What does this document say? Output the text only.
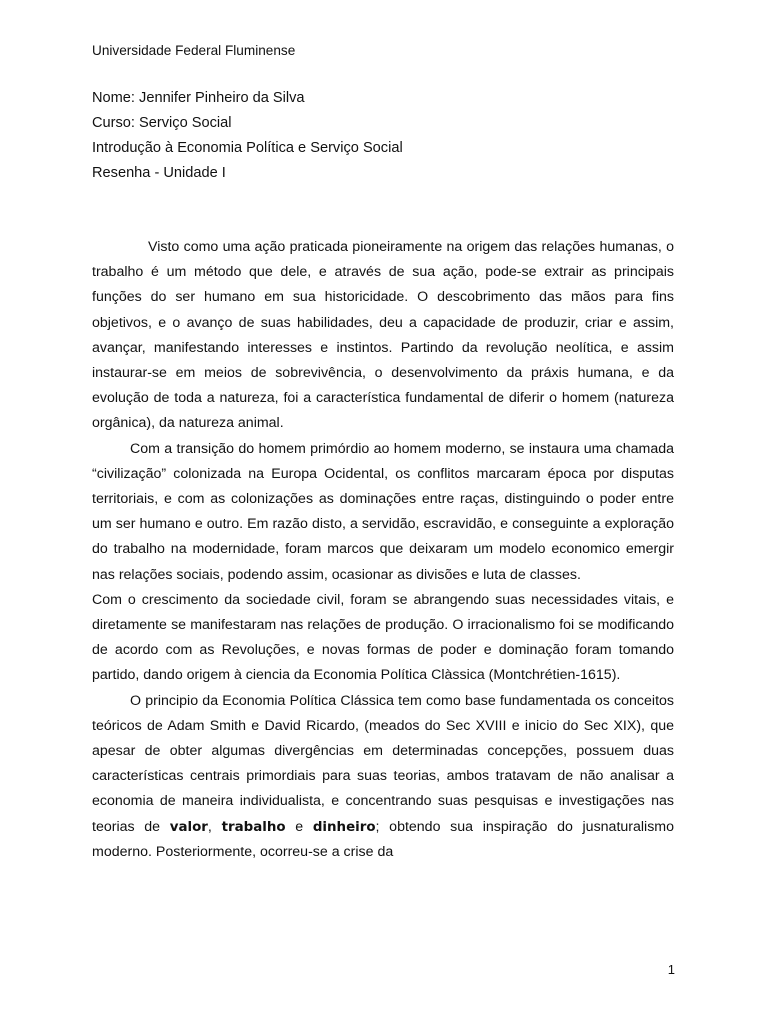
Universidade Federal Fluminense
Nome: Jennifer Pinheiro da Silva
Curso: Serviço Social
Introdução à Economia Política e Serviço Social
Resenha - Unidade I

Visto como uma ação praticada pioneiramente na origem das relações humanas, o trabalho é um método que dele, e através de sua ação, pode-se extrair as principais funções do ser humano em sua historicidade. O descobrimento das mãos para fins objetivos, e o avanço de suas habilidades, deu a capacidade de produzir, criar e assim, avançar, manifestando interesses e instintos. Partindo da revolução neolítica, e assim instaurar-se em meios de sobrevivência, o desenvolvimento da práxis humana, e da evolução de toda a natureza, foi a característica fundamental de diferir o homem (natureza orgânica), da natureza animal.

Com a transição do homem primórdio ao homem moderno, se instaura uma chamada “civilização” colonizada na Europa Ocidental, os conflitos marcaram época por disputas territoriais, e com as colonizações as dominações entre raças, distinguindo o poder entre um ser humano e outro. Em razão disto, a servidão, escravidão, e conseguinte a exploração do trabalho na modernidade, foram marcos que deixaram um modelo economico emergir nas relações sociais, podendo assim, ocasionar as divisões e luta de classes.

Com o crescimento da sociedade civil, foram se abrangendo suas necessidades vitais, e diretamente se manifestaram nas relações de produção. O irracionalismo foi se modificando de acordo com as Revoluções, e novas formas de poder e dominação foram tomando partido, dando origem à ciencia da Economia Política Clàssica (Montchrétien-1615).

O principio da Economia Política Clássica tem como base fundamentada os conceitos teóricos de Adam Smith e David Ricardo, (meados do Sec XVIII e inicio do Sec XIX), que apesar de obter algumas divergências em determinadas concepções, possuem duas características centrais primordiais para suas teorias, ambos tratavam de não analisar a economia de maneira individualista, e concentrando suas pesquisas e investigações nas teorias de valor, trabalho e dinheiro; obtendo sua inspiração do jusnaturalismo moderno. Posteriormente, ocorreu-se a crise da

1
